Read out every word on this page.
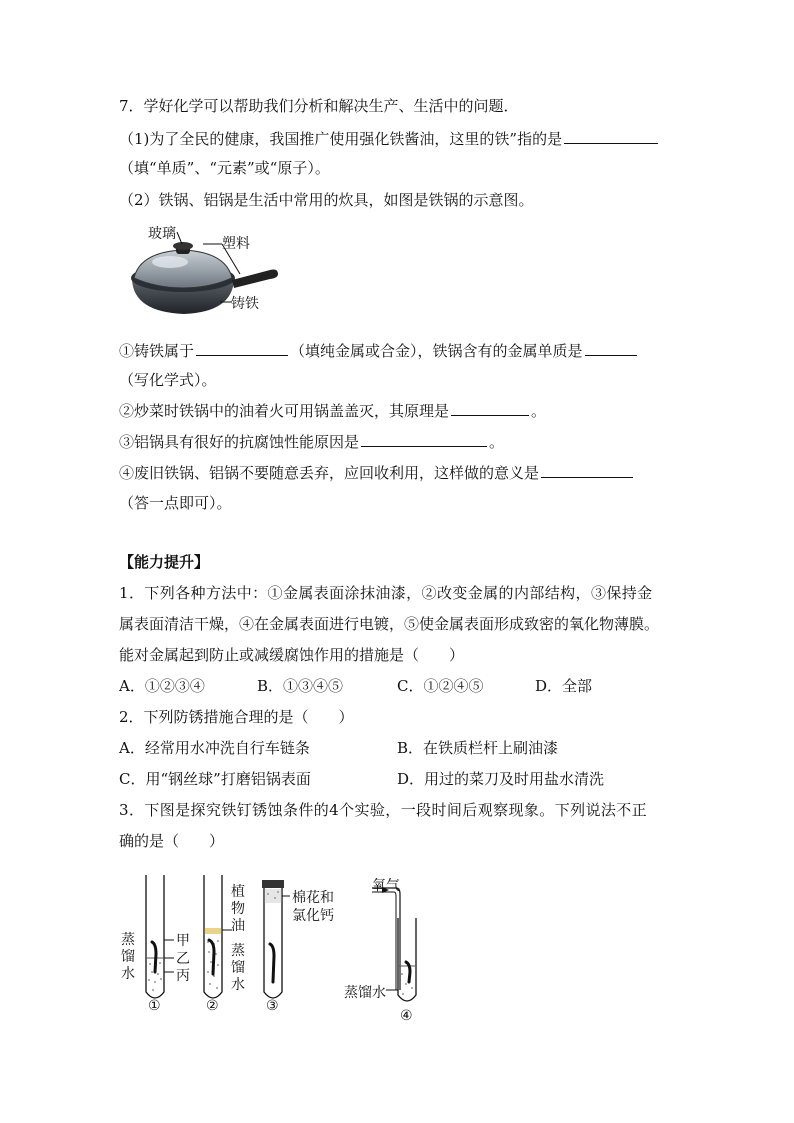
7．学好化学可以帮助我们分析和解决生产、生活中的问题．
（1)为了全民的健康，我国推广使用强化铁酱油，这里的铁”指的是
（填“单质”、“元素”或“原子）。
（2）铁锅、铝锅是生活中常用的炊具，如图是铁锅的示意图。
玻璃
塑料
铸铁
①铸铁属于	（填纯金属或合金），铁锅含有的金属单质是
（写化学式）。
②炒菜时铁锅中的油着火可用锅盖盖灭，其原理是	。
③铝锅具有很好的抗腐蚀性能原因是	。
④废旧铁锅、铝锅不要随意丢弃，应回收利用，这样做的意义是
（答一点即可）。
【能力提升】
1．下列各种方法中：①金属表面涂抹油漆，②改变金属的内部结构，③保持金
属表面清洁干燥，④在金属表面进行电镀，⑤使金属表面形成致密的氧化物薄膜。
能对金属起到防止或减缓腐蚀作用的措施是（　　）
A．①②③④	B．①③④⑤	C．①②④⑤	D．全部
2．下列防锈措施合理的是（　　）
A．经常用水冲洗自行车链条	B．在铁质栏杆上刷油漆
C．用“钢丝球”打磨铝锅表面	D．用过的菜刀及时用盐水清洗
3．下图是探究铁钉锈蚀条件的4个实验，一段时间后观察现象。下列说法不正
确的是（　　）
蒸馏水
甲
乙
丙
植物油
蒸馏水
棉花和
氯化钙
氧气
蒸馏水
①	②	③
④
